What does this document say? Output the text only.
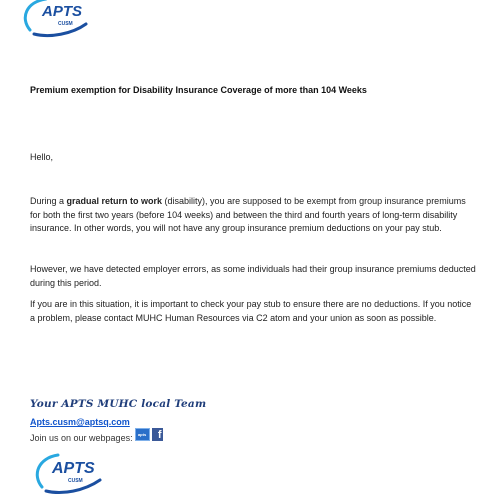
APTS
CUSM
Premium exemption for Disability Insurance Coverage of more than 104 Weeks
Hello,

During a gradual return to work (disability), you are supposed to be exempt from group insurance premiums for both the first two years (before 104 weeks) and between the third and fourth years of long-term disability insurance. In other words, you will not have any group insurance premium deductions on your pay stub.

However, we have detected employer errors, as some individuals had their group insurance premiums deducted during this period.

If you are in this situation, it is important to check your pay stub to ensure there are no deductions. If you notice a problem, please contact MUHC Human Resources via C2 atom and your union as soon as possible.

Your APTS MUHC local Team
Apts.cusm@aptsq.com
Join us on our webpages:	apts	f
APTS
CUSM
